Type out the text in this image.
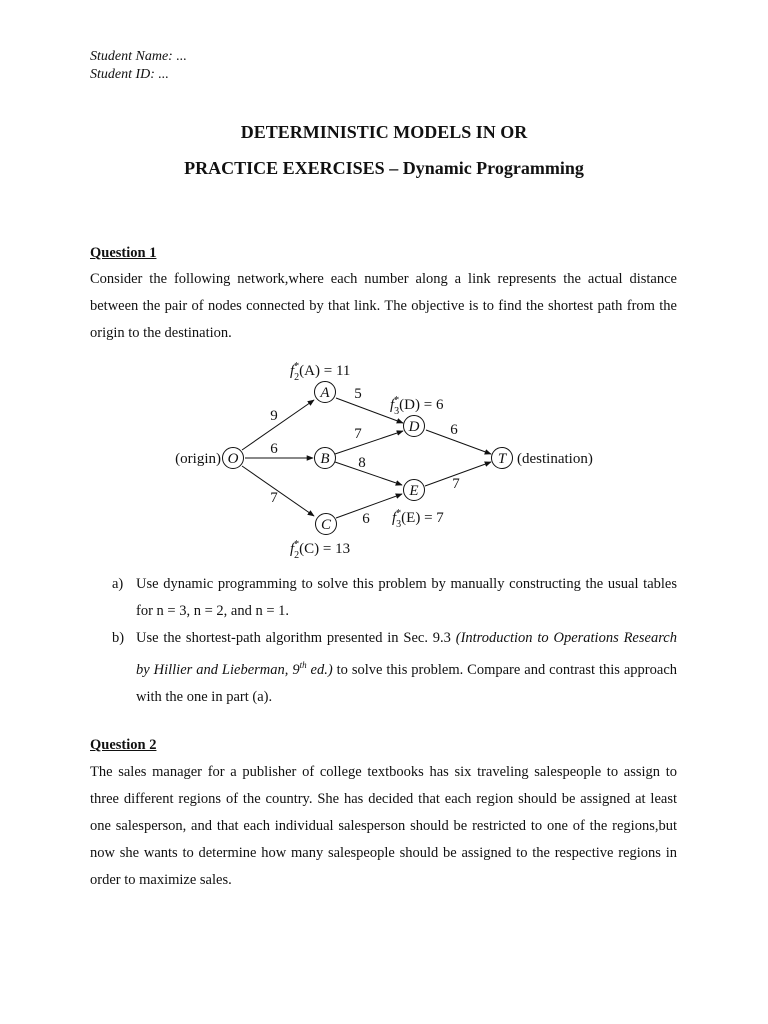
Student Name: ...
Student ID: ...
DETERMINISTIC MODELS IN OR
PRACTICE EXERCISES – Dynamic Programming
Question 1
Consider the following network,where each number along a link represents the actual distance between the pair of nodes connected by that link. The objective is to find the shortest path from the origin to the destination.
O
A
B
C
D
E
T
(origin)	(destination)
9
6
7
5
7
8
6
6
7
f* 2(A) = 11
f* 3(D) = 6
f* 3(E) = 7
f* 2(C) = 13
a) Use dynamic programming to solve this problem by manually constructing the usual tables for n = 3, n = 2, and n = 1.
b) Use the shortest-path algorithm presented in Sec. 9.3 (Introduction to Operations Research by Hillier and Lieberman, 9th ed.) to solve this problem. Compare and contrast this approach with the one in part (a).
Question 2
The sales manager for a publisher of college textbooks has six traveling salespeople to assign to three different regions of the country. She has decided that each region should be assigned at least one salesperson, and that each individual salesperson should be restricted to one of the regions,but now she wants to determine how many salespeople should be assigned to the respective regions in order to maximize sales.
